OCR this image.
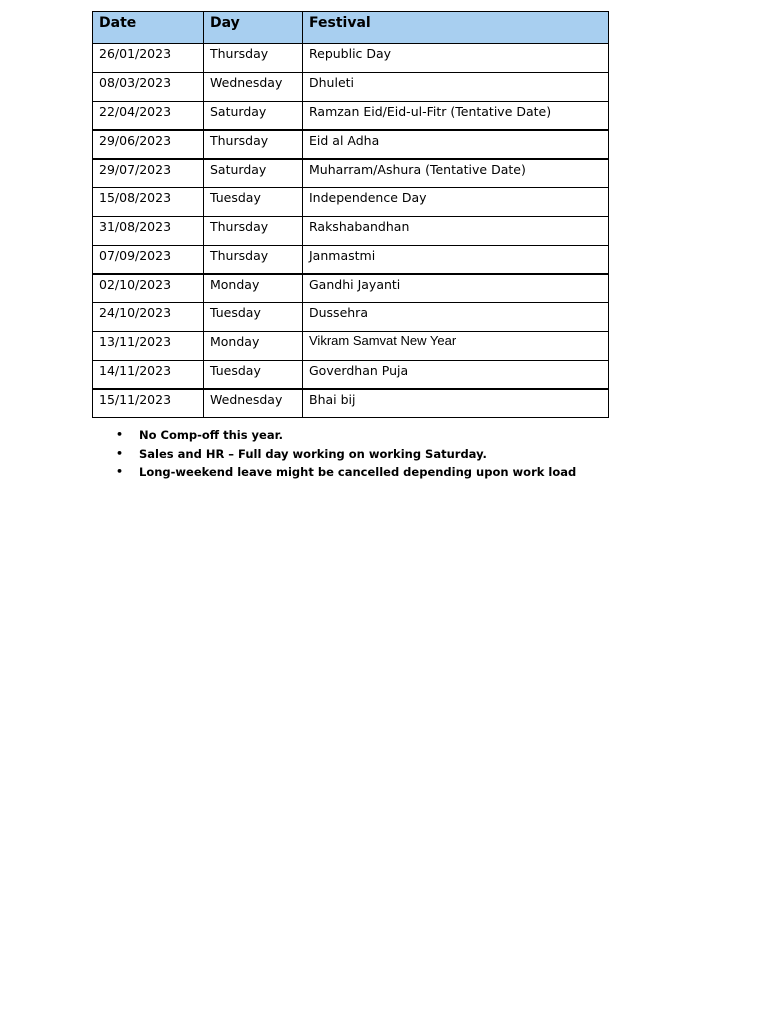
Date	Day	Festival
26/01/2023	Thursday	Republic Day
08/03/2023	Wednesday	Dhuleti
22/04/2023	Saturday	Ramzan Eid/Eid-ul-Fitr (Tentative Date)
29/06/2023	Thursday	Eid al Adha
29/07/2023	Saturday	Muharram/Ashura (Tentative Date)
15/08/2023	Tuesday	Independence Day
31/08/2023	Thursday	Rakshabandhan
07/09/2023	Thursday	Janmastmi
02/10/2023	Monday	Gandhi Jayanti
24/10/2023	Tuesday	Dussehra
13/11/2023	Monday	Vikram Samvat New Year
14/11/2023	Tuesday	Goverdhan Puja
15/11/2023	Wednesday	Bhai bij
• No Comp-off this year.
• Sales and HR – Full day working on working Saturday.
• Long-weekend leave might be cancelled depending upon work load
